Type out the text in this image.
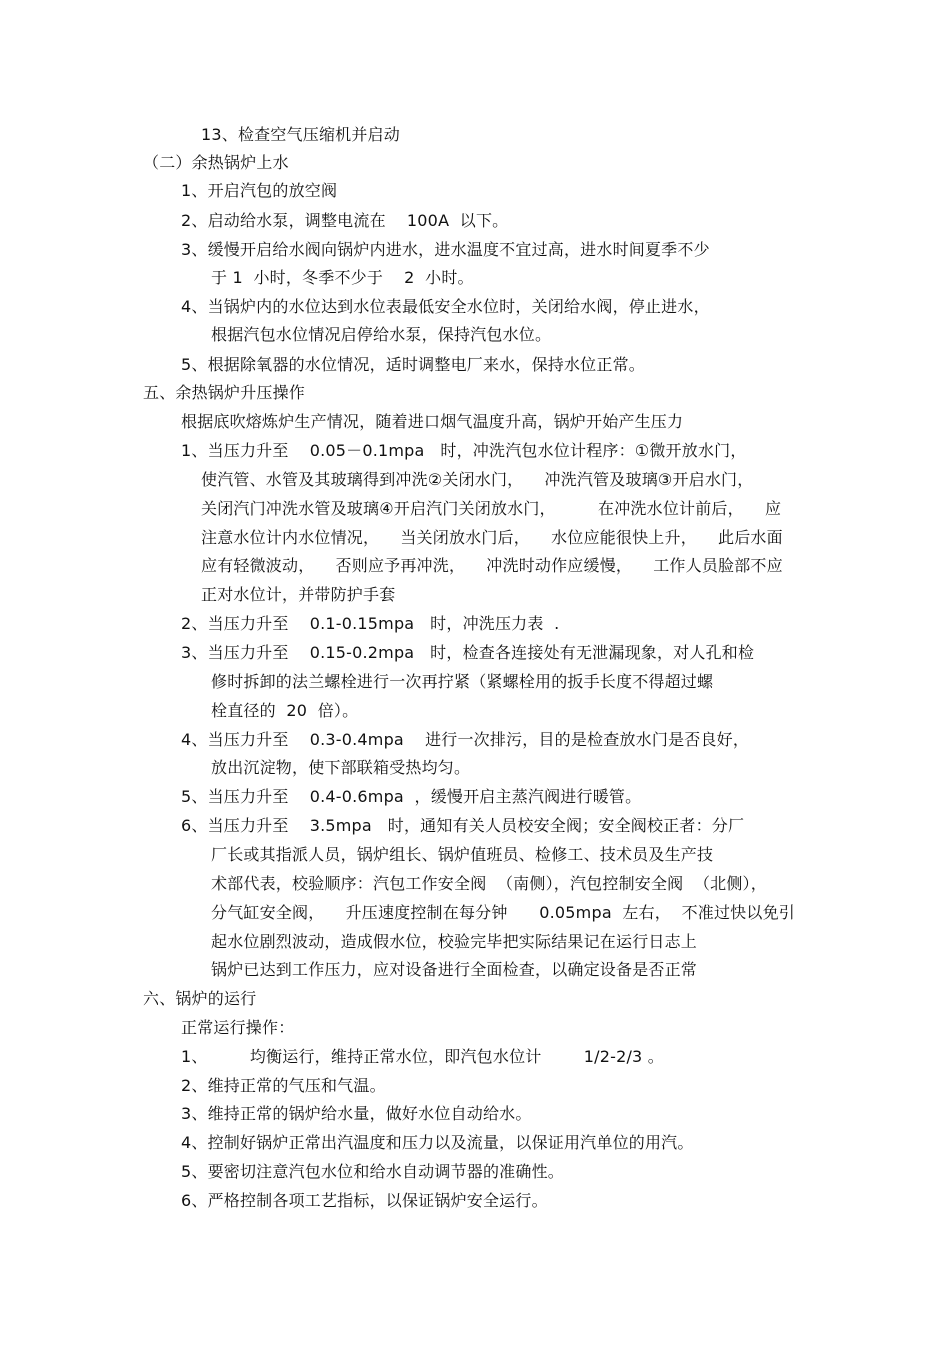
13、检查空气压缩机并启动
（二）余热锅炉上水
1、开启汽包的放空阀
2、启动给水泵，调整电流在    100A  以下。
3、缓慢开启给水阀向锅炉内进水，进水温度不宜过高，进水时间夏季不少
于 1  小时，冬季不少于    2  小时。
4、当锅炉内的水位达到水位表最低安全水位时，关闭给水阀，停止进水，
根据汽包水位情况启停给水泵，保持汽包水位。
5、根据除氧器的水位情况，适时调整电厂来水，保持水位正常。
五、余热锅炉升压操作
根据底吹熔炼炉生产情况，随着进口烟气温度升高，锅炉开始产生压力
1、当压力升至    0.05－0.1mpa   时，冲洗汽包水位计程序：①微开放水门，
使汽管、水管及其玻璃得到冲洗②关闭水门，    冲洗汽管及玻璃③开启水门，
关闭汽门冲洗水管及玻璃④开启汽门关闭放水门，        在冲洗水位计前后，    应
注意水位计内水位情况，    当关闭放水门后，    水位应能很快上升，    此后水面
应有轻微波动，    否则应予再冲洗，    冲洗时动作应缓慢，    工作人员脸部不应
正对水位计，并带防护手套
2、当压力升至    0.1-0.15mpa   时，冲洗压力表  .
3、当压力升至    0.15-0.2mpa   时，检查各连接处有无泄漏现象，对人孔和检
修时拆卸的法兰螺栓进行一次再拧紧（紧螺栓用的扳手长度不得超过螺
栓直径的  20  倍）。
4、当压力升至    0.3-0.4mpa    进行一次排污，目的是检查放水门是否良好，
放出沉淀物，使下部联箱受热均匀。
5、当压力升至    0.4-0.6mpa  ，缓慢开启主蒸汽阀进行暖管。
6、当压力升至    3.5mpa   时，通知有关人员校安全阀；安全阀校正者：分厂
厂长或其指派人员，锅炉组长、锅炉值班员、检修工、技术员及生产技
术部代表，校验顺序：汽包工作安全阀  （南侧），汽包控制安全阀  （北侧），
分气缸安全阀，    升压速度控制在每分钟      0.05mpa  左右，  不准过快以免引
起水位剧烈波动，造成假水位，校验完毕把实际结果记在运行日志上
锅炉已达到工作压力，应对设备进行全面检查，以确定设备是否正常
六、锅炉的运行
正常运行操作：
1、        均衡运行，维持正常水位，即汽包水位计        1/2-2/3 。
2、维持正常的气压和气温。
3、维持正常的锅炉给水量，做好水位自动给水。
4、控制好锅炉正常出汽温度和压力以及流量，以保证用汽单位的用汽。
5、要密切注意汽包水位和给水自动调节器的准确性。
6、严格控制各项工艺指标，以保证锅炉安全运行。
